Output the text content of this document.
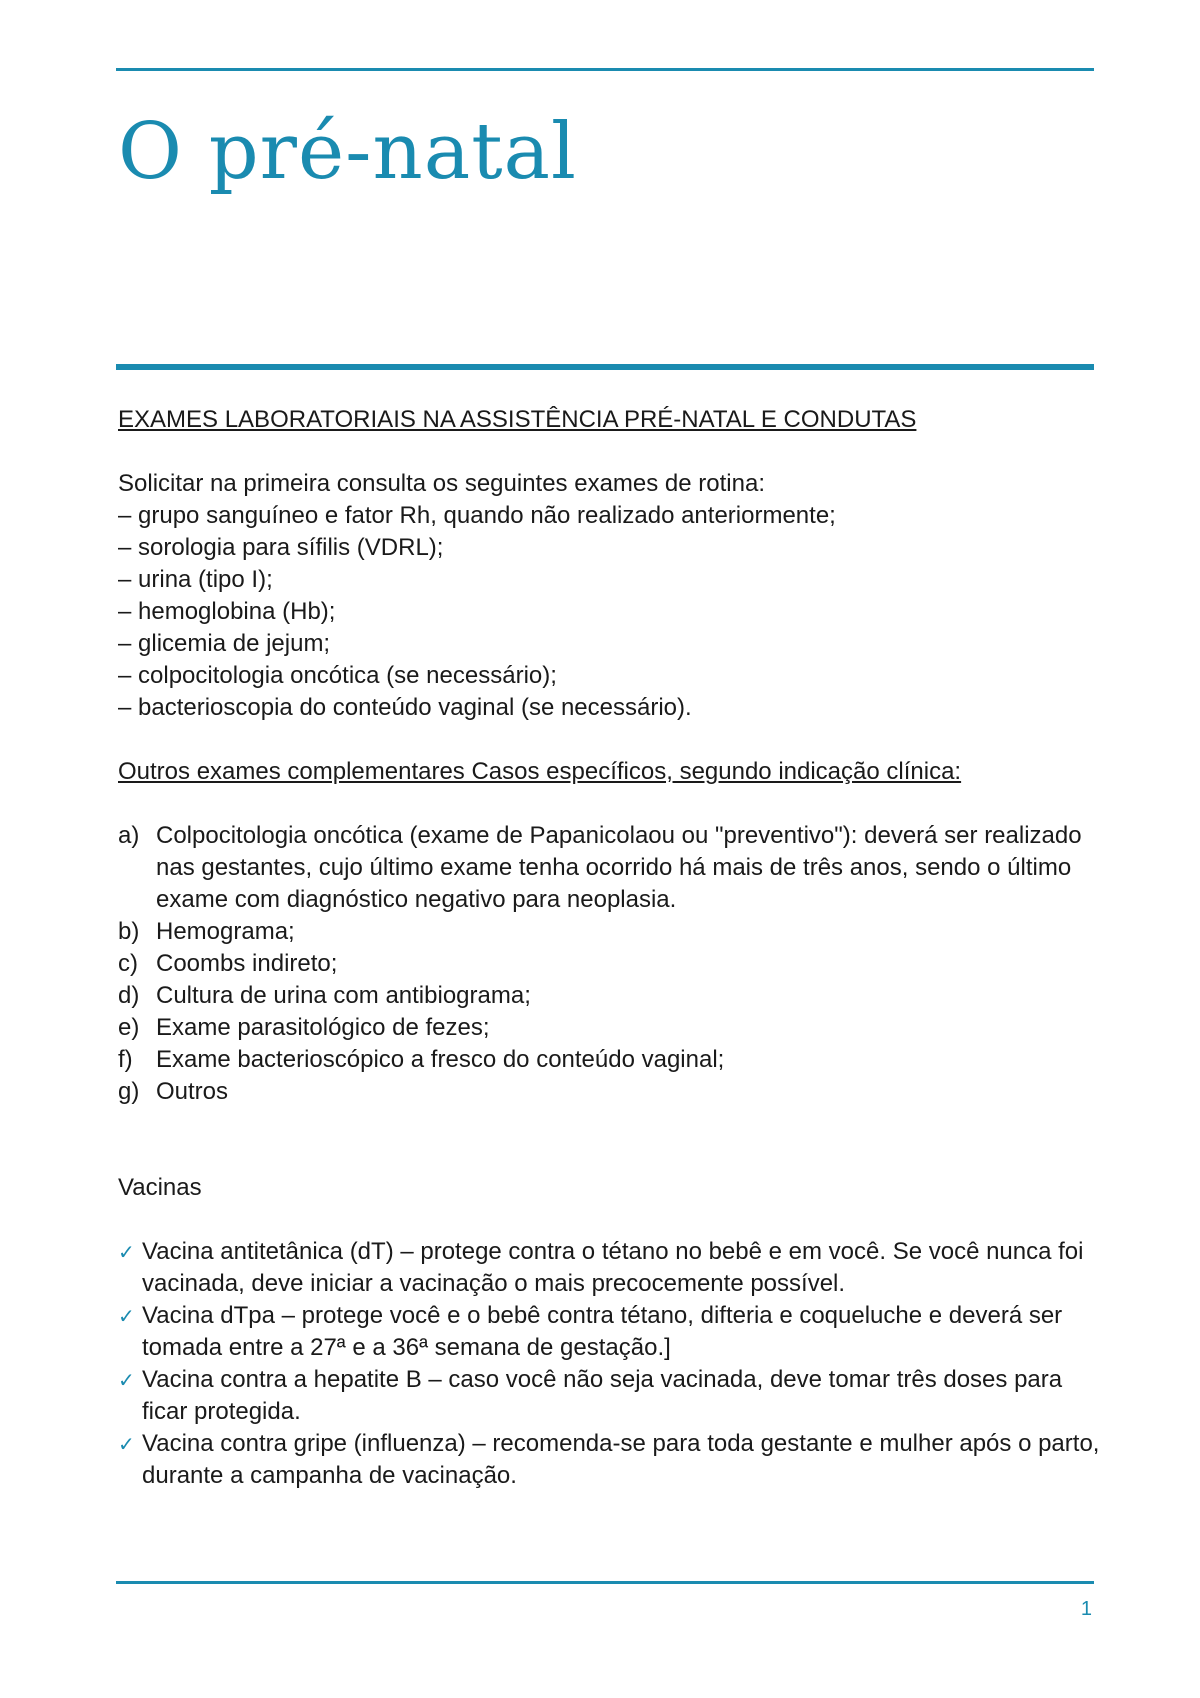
O pré-natal

EXAMES LABORATORIAIS NA ASSISTÊNCIA PRÉ-NATAL E CONDUTAS

Solicitar na primeira consulta os seguintes exames de rotina:

– grupo sanguíneo e fator Rh, quando não realizado anteriormente;
– sorologia para sífilis (VDRL);
– urina (tipo I);
– hemoglobina (Hb);
– glicemia de jejum;
– colpocitologia oncótica (se necessário);
– bacterioscopia do conteúdo vaginal (se necessário).

Outros exames complementares Casos específicos, segundo indicação clínica:

a) Colpocitologia oncótica (exame de Papanicolaou ou "preventivo"): deverá ser realizado nas gestantes, cujo último exame tenha ocorrido há mais de três anos, sendo o último exame com diagnóstico negativo para neoplasia.
b) Hemograma;
c) Coombs indireto;
d) Cultura de urina com antibiograma;
e) Exame parasitológico de fezes;
f) Exame bacterioscópico a fresco do conteúdo vaginal;
g) Outros

Vacinas

✓ Vacina antitetânica (dT) – protege contra o tétano no bebê e em você. Se você nunca foi vacinada, deve iniciar a vacinação o mais precocemente possível.
✓ Vacina dTpa – protege você e o bebê contra tétano, difteria e coqueluche e deverá ser tomada entre a 27ª e a 36ª semana de gestação.]
✓ Vacina contra a hepatite B – caso você não seja vacinada, deve tomar três doses para ficar protegida.
✓ Vacina contra gripe (influenza) – recomenda-se para toda gestante e mulher após o parto, durante a campanha de vacinação.
1
